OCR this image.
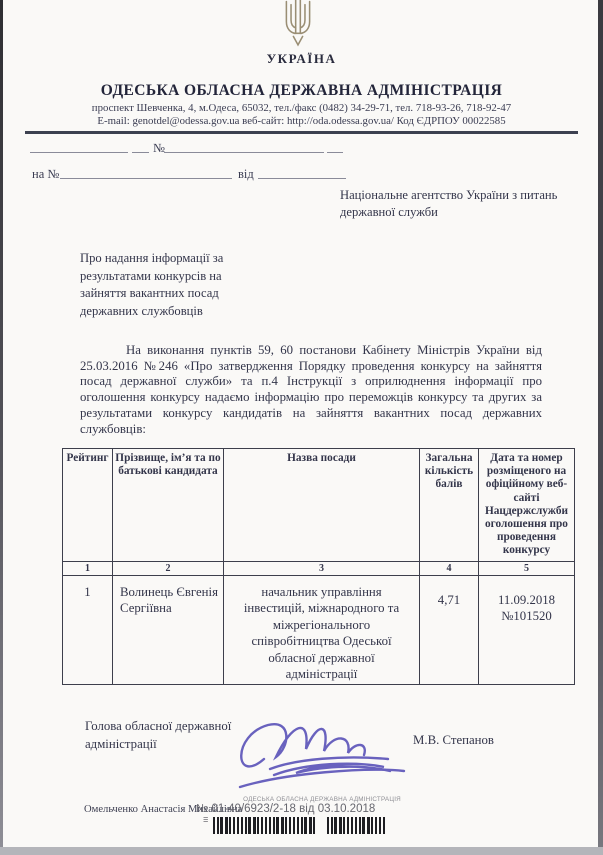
УКРАЇНА
ОДЕСЬКА ОБЛАСНА ДЕРЖАВНА АДМІНІСТРАЦІЯ
проспект Шевченка, 4, м.Одеса, 65032, тел./факс (0482) 34-29-71, тел. 718-93-26, 718-92-47
E-mail: genotdel@odessa.gov.ua веб-сайт: http://oda.odessa.gov.ua/ Код ЄДРПОУ 00022585
№
на №	від
Національне агентство України з питань державної служби
Про надання інформації за
результатами конкурсів на
зайняття вакантних посад
державних службовців
На виконання пунктів 59, 60 постанови Кабінету Міністрів України від 25.03.2016 №246 «Про затвердження Порядку проведення конкурсу на зайняття посад державної служби» та п.4 Інструкції з оприлюднення інформації про оголошення конкурсу надаємо інформацію про переможців конкурсу та других за результатами конкурсу кандидатів на зайняття вакантних посад державних службовців:
Рейтинг	Прізвище, ім’я та по батькові кандидата	Назва посади	Загальна кількість балів	Дата та номер розміщеного на офіційному веб-сайті Нацдержслужби оголошення про проведення конкурсу
1	2	3	4	5
1	Волинець Євгенія Сергіївна	начальник управління інвестицій, міжнародного та міжрегіонального співробітництва Одеської обласної державної адміністрації	4,71	11.09.2018 №101520
Голова обласної державної адміністрації	М.В. Степанов
Омельченко Анастасія Михайлівна
ОДЕСЬКА ОБЛАСНА ДЕРЖАВНА АДМІНІСТРАЦІЯ
№ 01-40/6923/2-18 від 03.10.2018
☰
